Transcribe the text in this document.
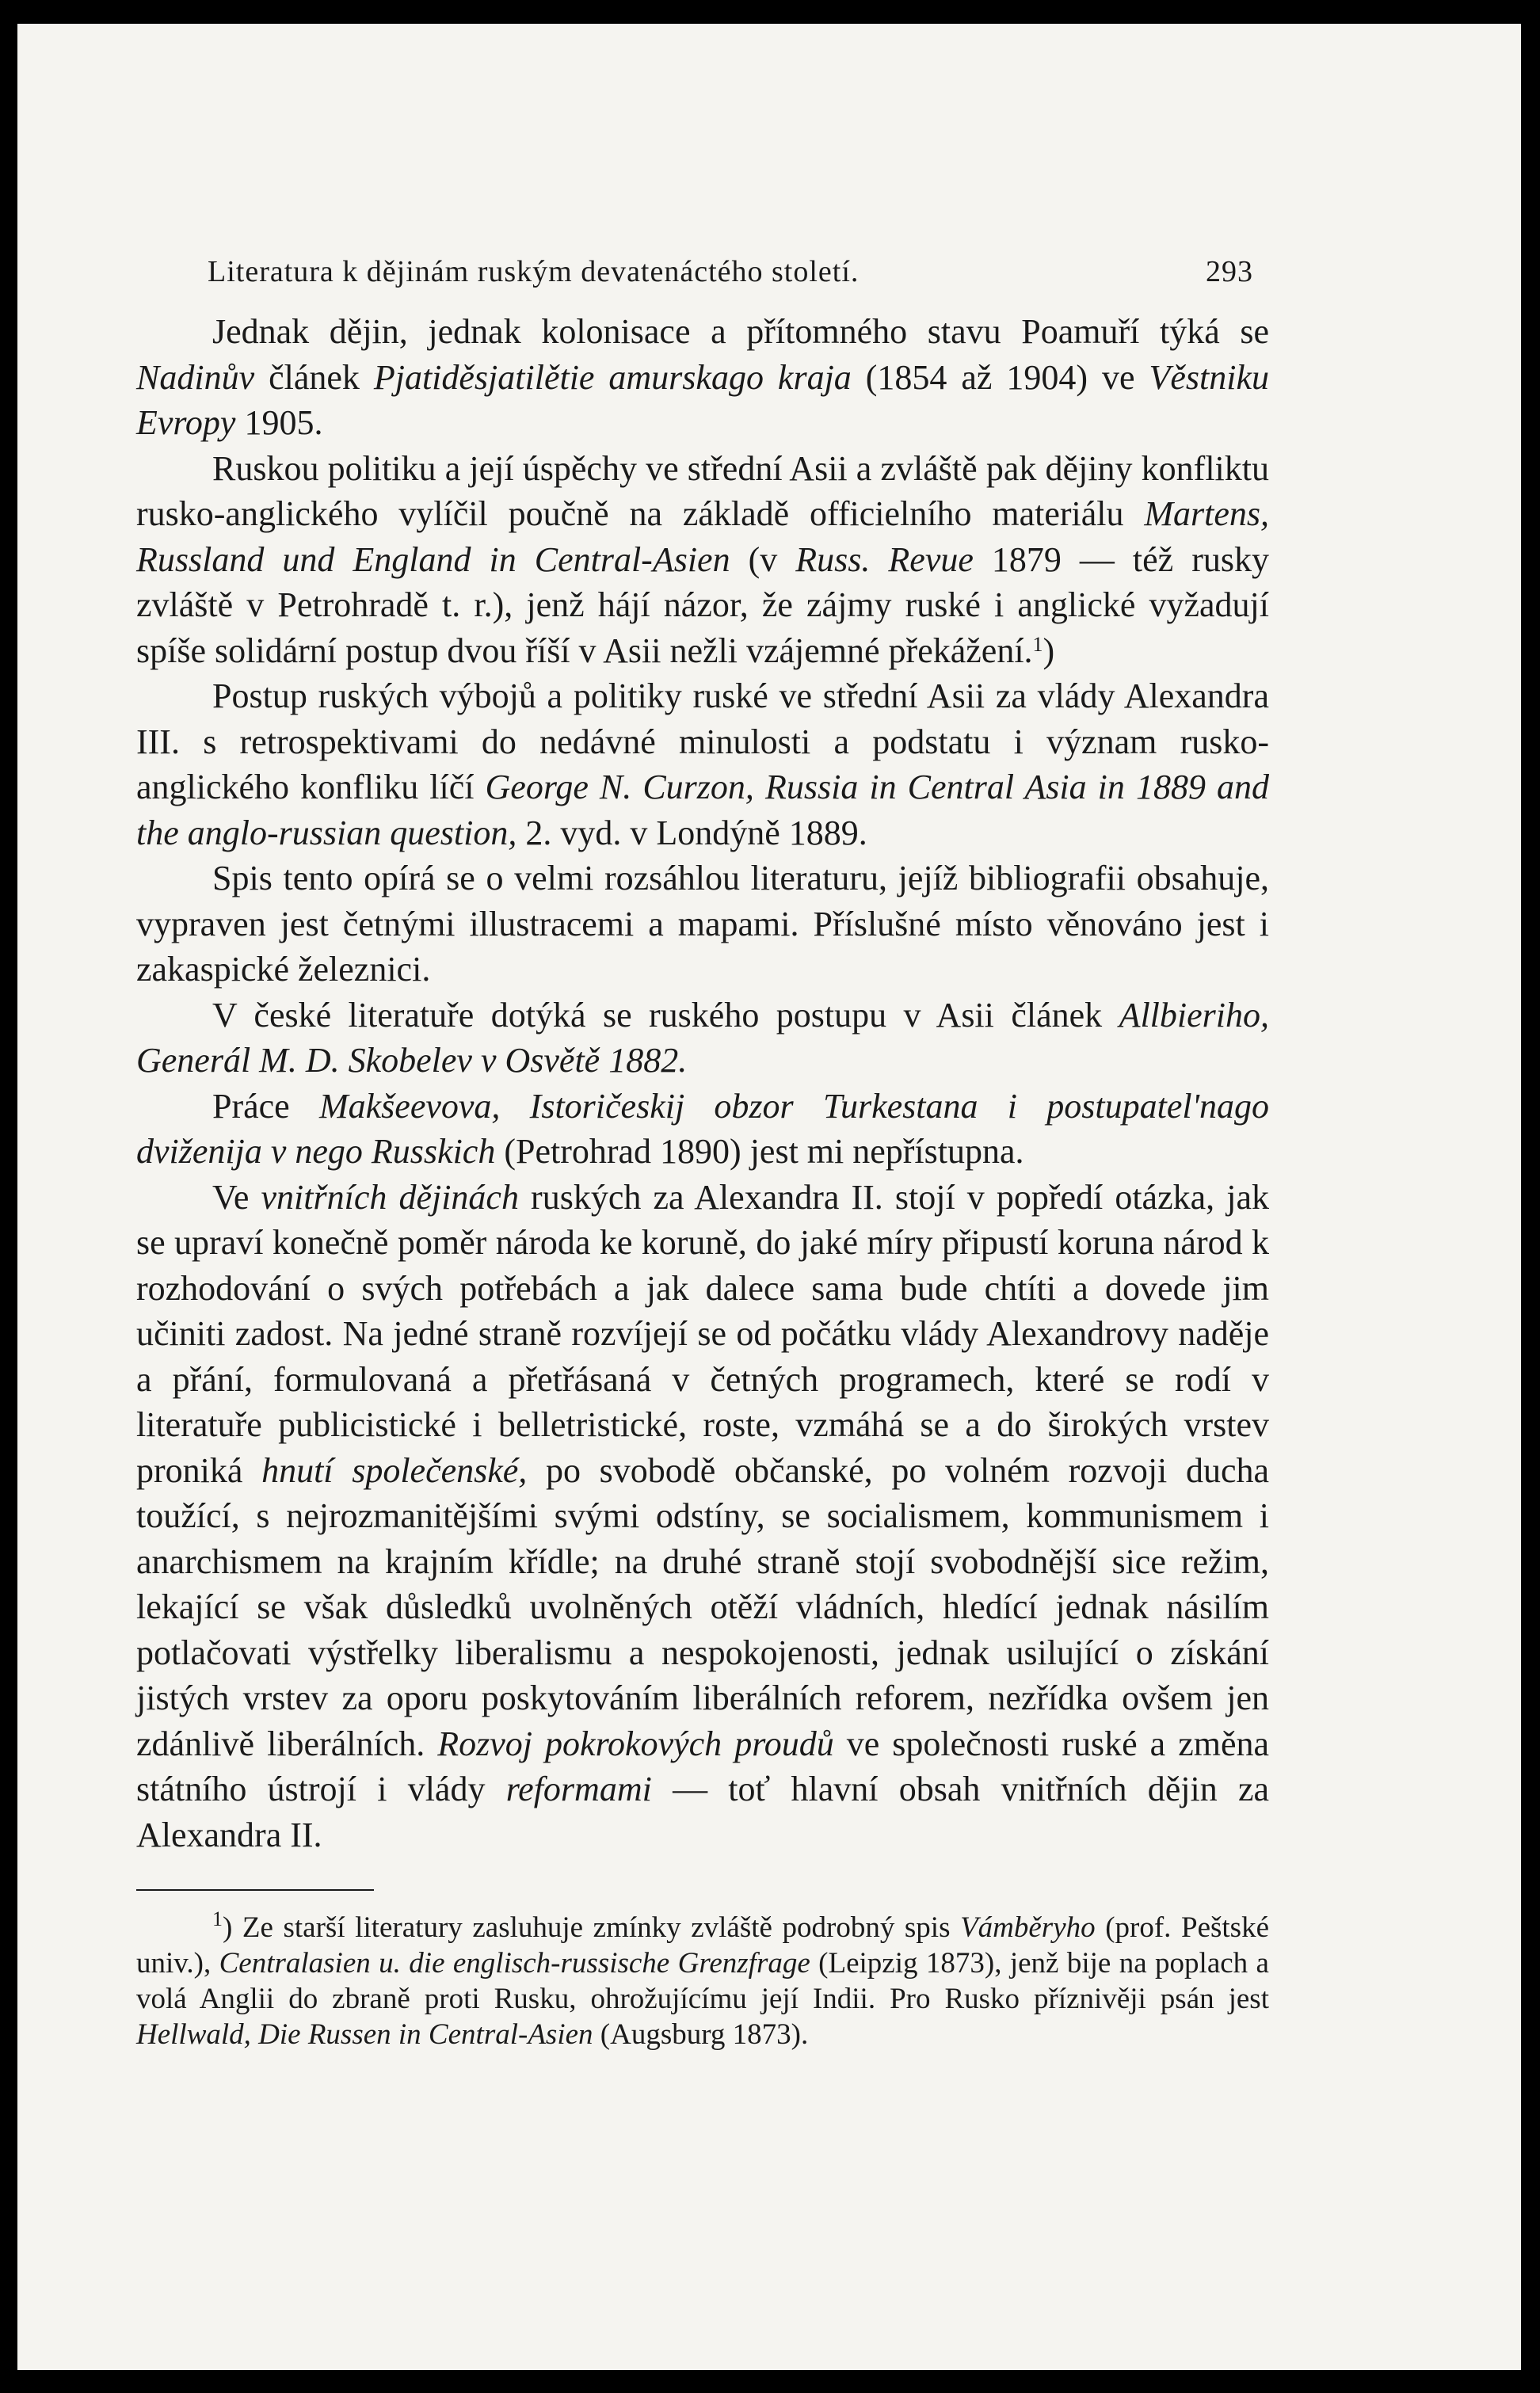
Literatura k dějinám ruským devatenáctého století.	293

Jednak dějin, jednak kolonisace a přítomného stavu Poamuří týká se Nadinův článek Pjatiděsjatilětie amurskago kraja (1854 až 1904) ve Věstniku Evropy 1905.

Ruskou politiku a její úspěchy ve střední Asii a zvláště pak dějiny konfliktu rusko-anglického vylíčil poučně na základě officielního materiálu Martens, Russland und England in Central-Asien (v Russ. Revue 1879 — též rusky zvláště v Petrohradě t. r.), jenž hájí názor, že zájmy ruské i anglické vyžadují spíše solidární postup dvou říší v Asii nežli vzájemné překážení.$^1$)

Postup ruských výbojů a politiky ruské ve střední Asii za vlády Alexandra III. s retrospektivami do nedávné minulosti a podstatu i význam rusko-anglického konfliku líčí George N. Curzon, Russia in Central Asia in 1889 and the anglo-russian question, 2. vyd. v Londýně 1889.

Spis tento opírá se o velmi rozsáhlou literaturu, jejíž bibliografii obsahuje, vypraven jest četnými illustracemi a mapami. Příslušné místo věnováno jest i zakaspické železnici.

V české literatuře dotýká se ruského postupu v Asii článek Allbieriho, Generál M. D. Skobelev v Osvětě 1882.

Práce Makšeevova, Istoričeskij obzor Turkestana i postupatel'nago dviženija v nego Russkich (Petrohrad 1890) jest mi nepřístupna.

Ve vnitřních dějinách ruských za Alexandra II. stojí v popředí otázka, jak se upraví konečně poměr národa ke koruně, do jaké míry připustí koruna národ k rozhodování o svých potřebách a jak dalece sama bude chtíti a dovede jim učiniti zadost. Na jedné straně rozvíjejí se od počátku vlády Alexandrovy naděje a přání, formulovaná a přetřásaná v četných programech, které se rodí v literatuře publicistické i belletristické, roste, vzmáhá se a do širokých vrstev proniká hnutí společenské, po svobodě občanské, po volném rozvoji ducha toužící, s nejrozmanitějšími svými odstíny, se socialismem, kommunismem i anarchismem na krajním křídle; na druhé straně stojí svobodnější sice režim, lekající se však důsledků uvolněných otěží vládních, hledící jednak násilím potlačovati výstřelky liberalismu a nespokojenosti, jednak usilující o získání jistých vrstev za oporu poskytováním liberálních reforem, nezřídka ovšem jen zdánlivě liberálních. Rozvoj pokrokových proudů ve společnosti ruské a změna státního ústrojí i vlády reformami — toť hlavní obsah vnitřních dějin za Alexandra II.

$^1$) Ze starší literatury zasluhuje zmínky zvláště podrobný spis Vámběryho (prof. Peštské univ.), Centralasien u. die englisch-russische Grenzfrage (Leipzig 1873), jenž bije na poplach a volá Anglii do zbraně proti Rusku, ohrožujícímu její Indii. Pro Rusko příznivěji psán jest Hellwald, Die Russen in Central-Asien (Augsburg 1873).
